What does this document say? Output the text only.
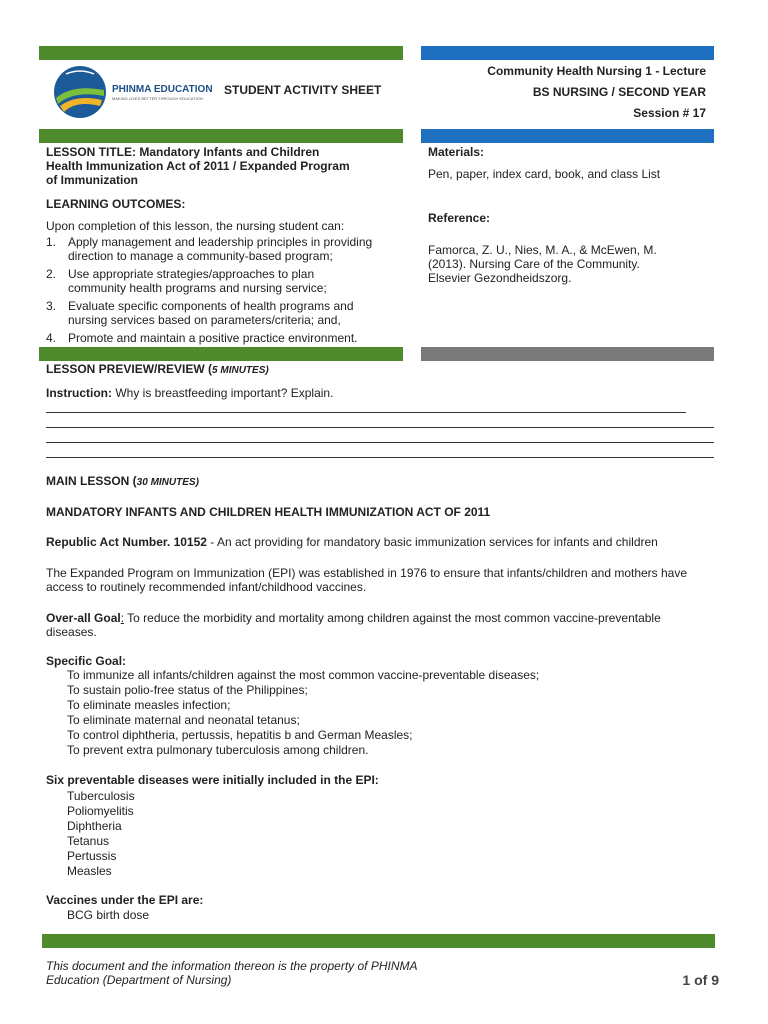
PHINMA EDUCATION
MAKING LIVES BETTER THROUGH EDUCATION
STUDENT ACTIVITY SHEET
Community Health Nursing 1 - Lecture
BS NURSING / SECOND YEAR
Session # 17
LESSON TITLE: Mandatory Infants and Children
Health Immunization Act of 2011 / Expanded Program
of Immunization
LEARNING OUTCOMES:
Upon completion of this lesson, the nursing student can:
1. Apply management and leadership principles in providing
direction to manage a community-based program;
2. Use appropriate strategies/approaches to plan
community health programs and nursing service;
3. Evaluate specific components of health programs and
nursing services based on parameters/criteria; and,
4. Promote and maintain a positive practice environment.
Materials:
Pen, paper, index card, book, and class List
Reference:
Famorca, Z. U., Nies, M. A., & McEwen, M.
(2013). Nursing Care of the Community.
Elsevier Gezondheidszorg.
LESSON PREVIEW/REVIEW (5 MINUTES)
Instruction: Why is breastfeeding important? Explain.
MAIN LESSON (30 MINUTES)
MANDATORY INFANTS AND CHILDREN HEALTH IMMUNIZATION ACT OF 2011
Republic Act Number. 10152 - An act providing for mandatory basic immunization services for infants and children
The Expanded Program on Immunization (EPI) was established in 1976 to ensure that infants/children and mothers have
access to routinely recommended infant/childhood vaccines.
Over-all Goal: To reduce the morbidity and mortality among children against the most common vaccine-preventable
diseases.
Specific Goal:
To immunize all infants/children against the most common vaccine-preventable diseases;
To sustain polio-free status of the Philippines;
To eliminate measles infection;
To eliminate maternal and neonatal tetanus;
To control diphtheria, pertussis, hepatitis b and German Measles;
To prevent extra pulmonary tuberculosis among children.
Six preventable diseases were initially included in the EPI:
Tuberculosis
Poliomyelitis
Diphtheria
Tetanus
Pertussis
Measles
Vaccines under the EPI are:
BCG birth dose
This document and the information thereon is the property of PHINMA
Education (Department of Nursing)	1 of 9
